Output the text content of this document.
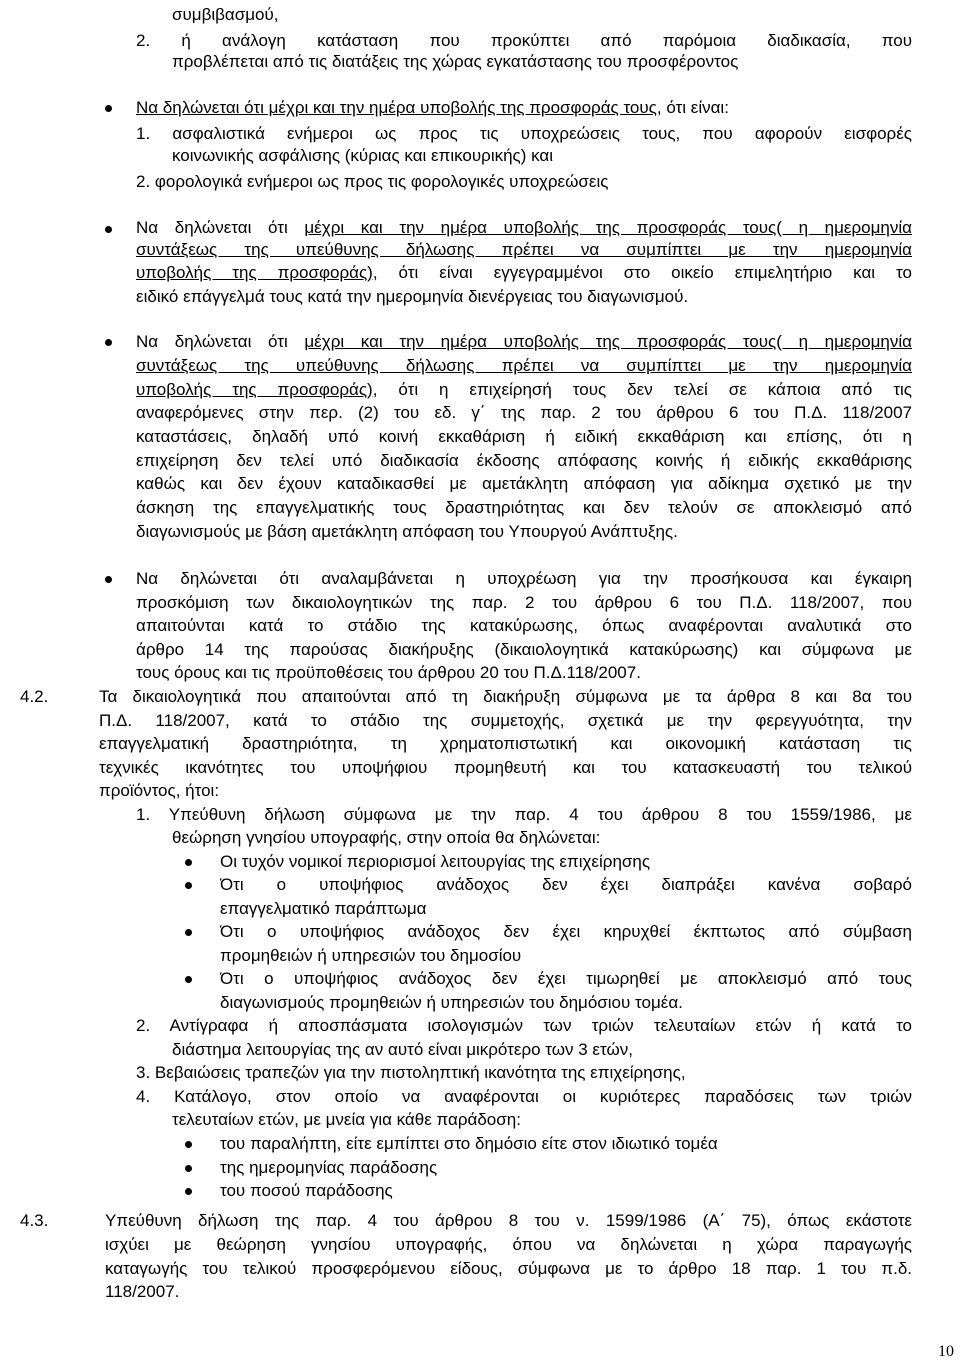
συμβιβασμού,
2. ή ανάλογη κατάσταση που προκύπτει από παρόμοια διαδικασία, που
προβλέπεται από τις διατάξεις της χώρας εγκατάστασης του προσφέροντος
Να δηλώνεται ότι μέχρι και την ημέρα υποβολής της προσφοράς τους, ότι είναι:
1. ασφαλιστικά ενήμεροι ως προς τις υποχρεώσεις τους, που αφορούν εισφορές
κοινωνικής ασφάλισης (κύριας και επικουρικής) και
2. φορολογικά ενήμεροι ως προς τις φορολογικές υποχρεώσεις
Να δηλώνεται ότι μέχρι και την ημέρα υποβολής της προσφοράς τους( η ημερομηνία
συντάξεως της υπεύθυνης δήλωσης πρέπει να συμπίπτει με την ημερομηνία
υποβολής της προσφοράς), ότι είναι εγγεγραμμένοι στο οικείο επιμελητήριο και το
ειδικό επάγγελμά τους κατά την ημερομηνία διενέργειας του διαγωνισμού.
Να δηλώνεται ότι μέχρι και την ημέρα υποβολής της προσφοράς τους( η ημερομηνία
συντάξεως της υπεύθυνης δήλωσης πρέπει να συμπίπτει με την ημερομηνία
υποβολής της προσφοράς), ότι η επιχείρησή τους δεν τελεί σε κάποια από τις
αναφερόμενες στην περ. (2) του εδ. γ΄ της παρ. 2 του άρθρου 6 του Π.Δ. 118/2007
καταστάσεις, δηλαδή υπό κοινή εκκαθάριση ή ειδική εκκαθάριση και επίσης, ότι η
επιχείρηση δεν τελεί υπό διαδικασία έκδοσης απόφασης κοινής ή ειδικής εκκαθάρισης
καθώς και δεν έχουν καταδικασθεί με αμετάκλητη απόφαση για αδίκημα σχετικό με την
άσκηση της επαγγελματικής τους δραστηριότητας και δεν τελούν σε αποκλεισμό από
διαγωνισμούς με βάση αμετάκλητη απόφαση του Υπουργού Ανάπτυξης.
Να δηλώνεται ότι αναλαμβάνεται η υποχρέωση για την προσήκουσα και έγκαιρη
προσκόμιση των δικαιολογητικών της παρ. 2 του άρθρου 6 του Π.Δ. 118/2007, που
απαιτούνται κατά το στάδιο της κατακύρωσης, όπως αναφέρονται αναλυτικά στο
άρθρο 14 της παρούσας διακήρυξης (δικαιολογητικά κατακύρωσης) και σύμφωνα με
τους όρους και τις προϋποθέσεις του άρθρου 20 του Π.Δ.118/2007.
4.2.	Τα δικαιολογητικά που απαιτούνται από τη διακήρυξη σύμφωνα με τα άρθρα 8 και 8α του
Π.Δ. 118/2007, κατά το στάδιο της συμμετοχής, σχετικά με την φερεγγυότητα, την
επαγγελματική δραστηριότητα, τη χρηματοπιστωτική και οικονομική κατάσταση τις
τεχνικές ικανότητες του υποψήφιου προμηθευτή και του κατασκευαστή του τελικού
προϊόντος, ήτοι:
1. Υπεύθυνη δήλωση σύμφωνα με την παρ. 4 του άρθρου 8 του 1559/1986, με
θεώρηση γνησίου υπογραφής, στην οποία θα δηλώνεται:
Οι τυχόν νομικοί περιορισμοί λειτουργίας της επιχείρησης
Ότι ο υποψήφιος ανάδοχος δεν έχει διαπράξει κανένα σοβαρό
επαγγελματικό παράπτωμα
Ότι ο υποψήφιος ανάδοχος δεν έχει κηρυχθεί έκπτωτος από σύμβαση
προμηθειών ή υπηρεσιών του δημοσίου
Ότι ο υποψήφιος ανάδοχος δεν έχει τιμωρηθεί με αποκλεισμό από τους
διαγωνισμούς προμηθειών ή υπηρεσιών του δημόσιου τομέα.
2. Αντίγραφα ή αποσπάσματα ισολογισμών των τριών τελευταίων ετών ή κατά το
διάστημα λειτουργίας της αν αυτό είναι μικρότερο των 3 ετών,
3. Βεβαιώσεις τραπεζών για την πιστοληπτική ικανότητα της επιχείρησης,
4. Κατάλογο, στον οποίο να αναφέρονται οι κυριότερες παραδόσεις των τριών
τελευταίων ετών, με μνεία για κάθε παράδοση:
του παραλήπτη, είτε εμπίπτει στο δημόσιο είτε στον ιδιωτικό τομέα
της ημερομηνίας παράδοσης
του ποσού παράδοσης
4.3.	Υπεύθυνη δήλωση της παρ. 4 του άρθρου 8 του ν. 1599/1986 (Α΄ 75), όπως εκάστοτε
ισχύει με θεώρηση γνησίου υπογραφής, όπου να δηλώνεται η χώρα παραγωγής
καταγωγής του τελικού προσφερόμενου είδους, σύμφωνα με το άρθρο 18 παρ. 1 του π.δ.
118/2007.
10
